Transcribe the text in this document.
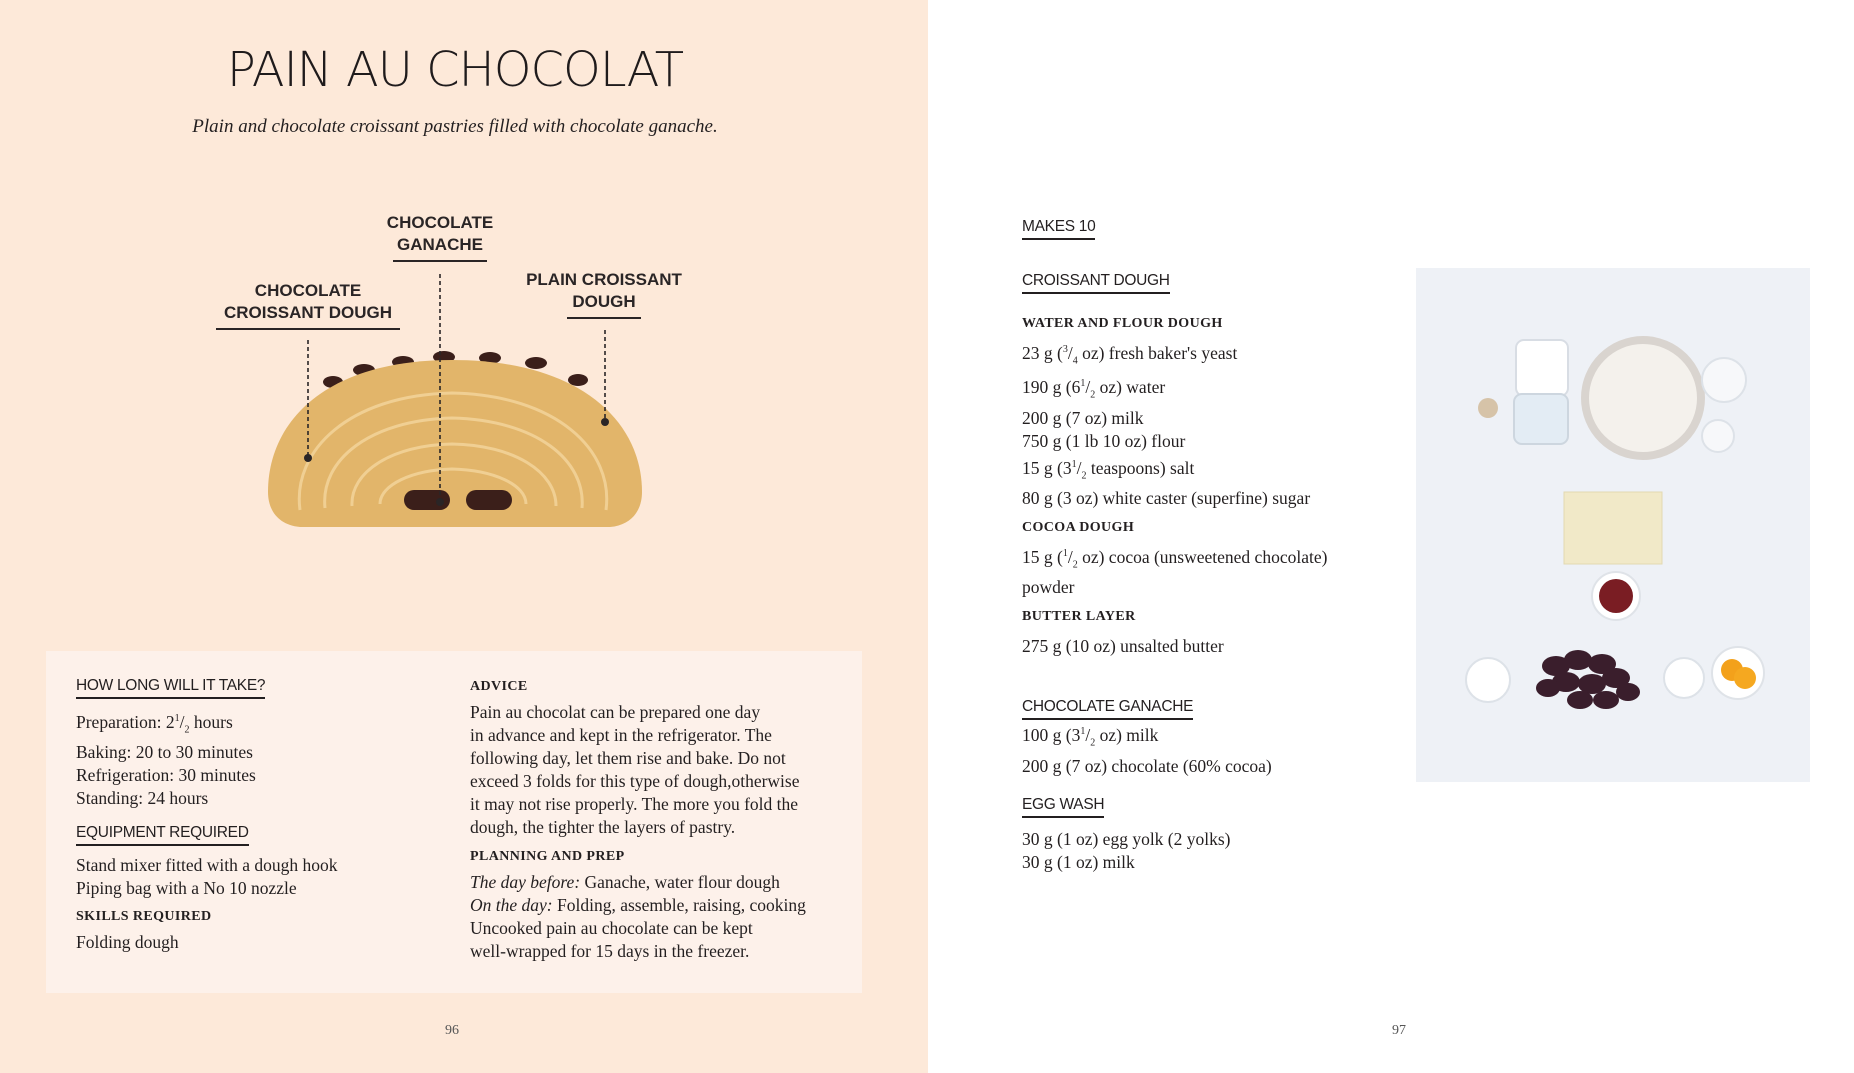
PAIN AU CHOCOLAT
Plain and chocolate croissant pastries filled with chocolate ganache.
CHOCOLATE
GANACHE
CHOCOLATE
CROISSANT DOUGH
PLAIN CROISSANT
DOUGH
HOW LONG WILL IT TAKE?
Preparation: $2^1/_2$ hours
Baking: 20 to 30 minutes
Refrigeration: 30 minutes
Standing: 24 hours
EQUIPMENT REQUIRED
Stand mixer fitted with a dough hook
Piping bag with a No 10 nozzle
SKILLS REQUIRED
Folding dough
ADVICE
Pain au chocolat can be prepared one day
in advance and kept in the refrigerator. The
following day, let them rise and bake. Do not
exceed 3 folds for this type of dough,otherwise
it may not rise properly. The more you fold the
dough, the tighter the layers of pastry.
PLANNING AND PREP
The day before: Ganache, water flour dough
On the day: Folding, assemble, raising, cooking
Uncooked pain au chocolate can be kept
well-wrapped for 15 days in the freezer.
96
MAKES 10
CROISSANT DOUGH
WATER AND FLOUR DOUGH
23 g ($^3/_4$ oz) fresh baker's yeast
190 g ($6^1/_2$ oz) water
200 g (7 oz) milk
750 g (1 lb 10 oz) flour
15 g ($3^1/_2$ teaspoons) salt
80 g (3 oz) white caster (superfine) sugar
COCOA DOUGH
15 g ($^1/_2$ oz) cocoa (unsweetened chocolate)
powder
BUTTER LAYER
275 g (10 oz) unsalted butter
CHOCOLATE GANACHE
100 g ($3^1/_2$ oz) milk
200 g (7 oz) chocolate (60% cocoa)
EGG WASH
30 g (1 oz) egg yolk (2 yolks)
30 g (1 oz) milk
97
